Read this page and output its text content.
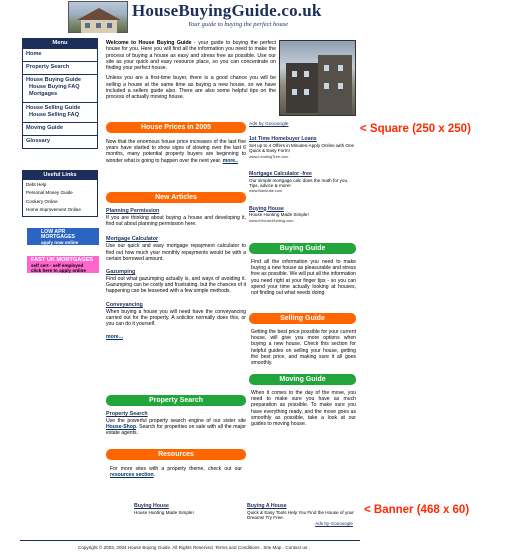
HouseBuyingGuide.co.uk
Your guide to buying the perfect house
Menu
Home
Property Search
House Buying Guide
House Buying FAQ
Mortgages
House Selling Guide
House Selling FAQ
Moving Guide
Glossary
Useful Links
Debt Help
Personal Money Guide
Cookery Online
Home Improvement Online
LOW APR MORTGAGES
apply now online
for fast approval
FAST UK MORTGAGES
self cert - self employed
click here to apply online

Welcome to House Buying Guide - your guide to buying the perfect house for you. Here you will find all the information you need to make the process of buying a house as easy and stress free as possible. Use our site as your quick and easy resource place, so you can concentrate on finding your perfect house.

Unless you are a first-time buyer, there is a good chance you will be selling a house at the same time as buying a new house, so we have included a sellers guide also. There are also some helpful tips on the process of actually moving house.

House Prices in 2005
Now that the enormous house price increases of the last five years have started to show signs of slowing over the last 6 months, many potential property buyers are beginning to wonder what is going to happen over the next year. more..
New Articles
Planning Permission
If you are thinking about buying a house and developing it, find out about planning permission here.
Mortgage Calculator
Use our quick and easy mortgage repayment calculator to find out how much your monthly repayments would be with a certain borrowed amount.
Gazumping
Find out what gazumping actually is, and ways of avoiding it. Gazumping can be costly and frustrating, but the chances of it happening can be lessened with a few simple methods.
Conveyancing
When buying a house you will need have the conveyancing carried out for the property. A solicitor normally does this, or you can do it yourself.
more...
Property Search
Property Search
Use the powerful property search engine of our sister site House-Shop. Search for properties on sale with all the major estate agents.
Resources
For more sites with a property theme, check out our resources section.
Ads by Gooooogle
1st Time Homebuyer Loans
Set up to 4 Offers in Minutes-Apply Online with One Quick & Easy Form!
www.LendingTree.com
Mortgage Calculator -free
Our simple mortgage calc does the math for you. Tips, advice & more!
www.Bankrate.com
Buying House
House Hunting Made Simple!
www.eHouseHunting.com
< Square (250 x 250)
Buying Guide
Find all the information you need to make buying a new house as pleasurable and stress free as possible. We will put all the information you need right at your finger tips - so you can spend your time actually looking at houses, not finding out what needs doing.
Selling Guide
Getting the best price possible for your current house, will give you more options when buying a new house. Check this section for helpful guides on selling your house, getting the best price, and making sure it all goes smoothly.
Moving Guide
When it comes to the day of the move, you need to make sure you have as much preparation as possible. To make sure you have everything ready, and the move goes as smoothly as possible, take a look at our guides to moving house.
Buying House
House Hunting Made Simple!
Buying A House
Quick & Easy Tools Help You Find the House of your Dreams! Try Free.
Ads by Gooooogle
< Banner (468 x 60)
Copyright © 2003, 2004 House Buying Guide. All Rights Reserved. Terms and Conditions . Site Map . Contact us .
